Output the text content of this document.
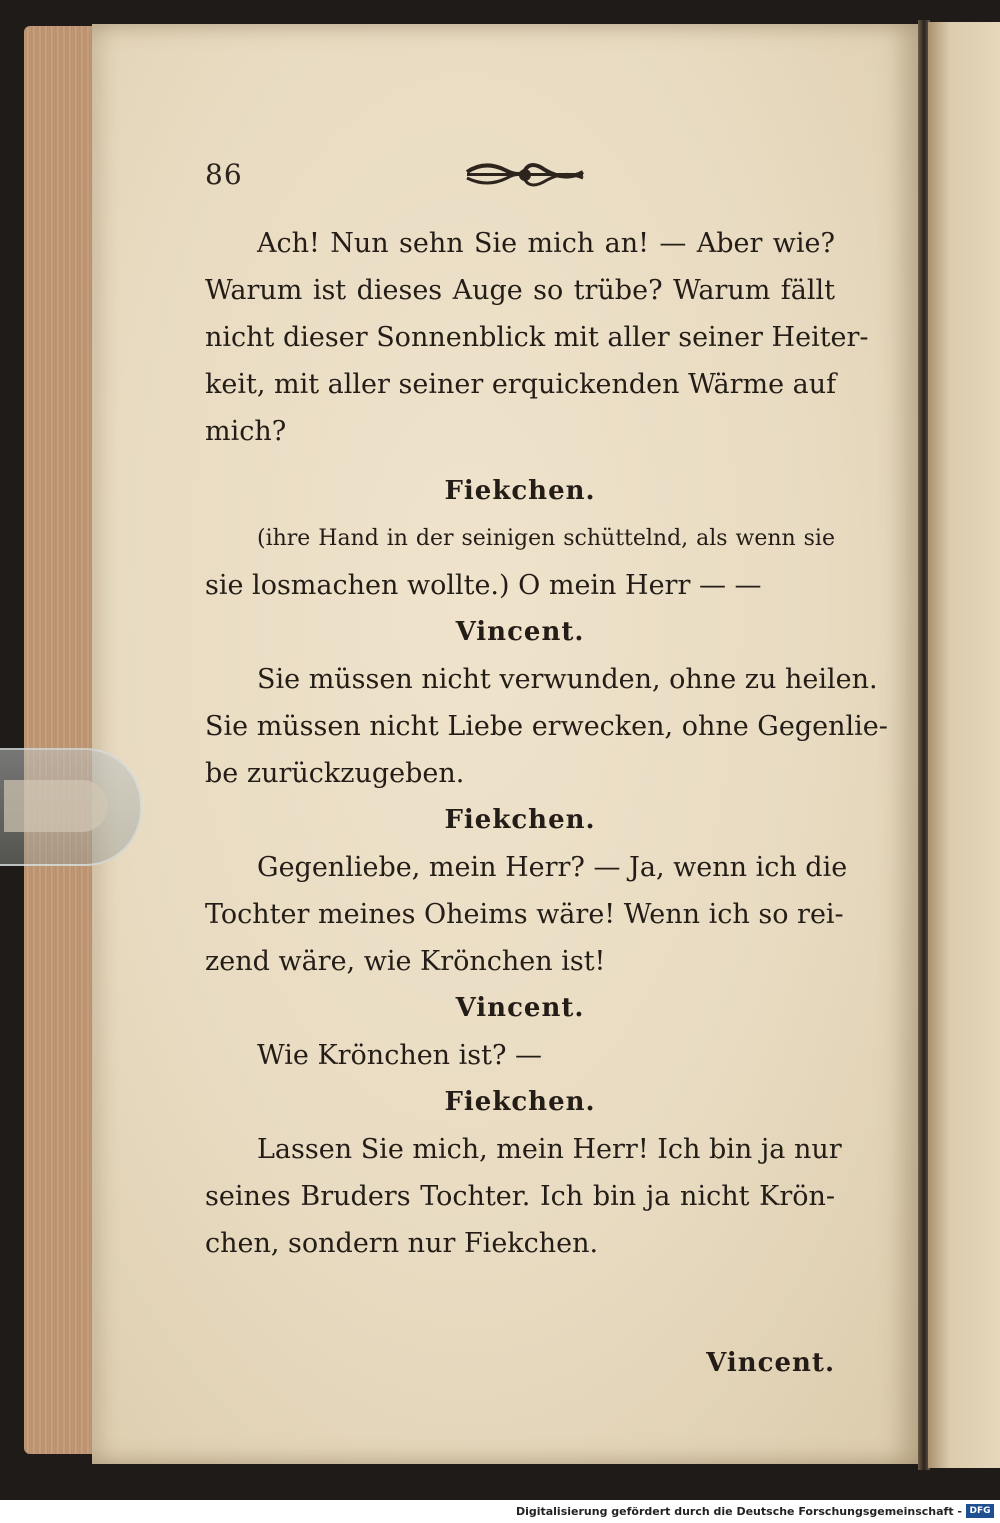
86
Ach! Nun sehn Sie mich an! — Aber wie?
Warum ist dieses Auge so trübe? Warum fällt
nicht dieser Sonnenblick mit aller seiner Heiter-
keit, mit aller seiner erquickenden Wärme auf
mich?
Fiekchen.
(ihre Hand in der seinigen schüttelnd, als wenn sie
sie losmachen wollte.) O mein Herr — —
Vincent.
Sie müssen nicht verwunden, ohne zu heilen.
Sie müssen nicht Liebe erwecken, ohne Gegenlie-
be zurückzugeben.
Fiekchen.
Gegenliebe, mein Herr? — Ja, wenn ich die
Tochter meines Oheims wäre! Wenn ich so rei-
zend wäre, wie Krönchen ist!
Vincent.
Wie Krönchen ist? —
Fiekchen.
Lassen Sie mich, mein Herr! Ich bin ja nur
seines Bruders Tochter. Ich bin ja nicht Krön-
chen, sondern nur Fiekchen.
Vincent.
Digitalisierung gefördert durch die Deutsche Forschungsgemeinschaft - DFG
